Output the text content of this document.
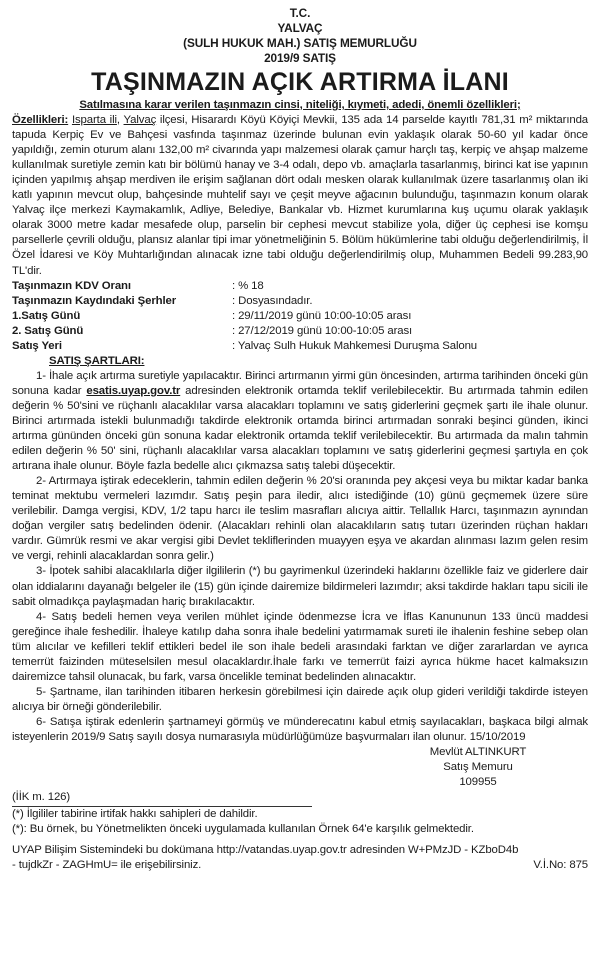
T.C.
YALVAÇ
(SULH HUKUK MAH.) SATIŞ MEMURLUĞU
2019/9 SATIŞ
TAŞINMAZIN AÇIK ARTIRMA İLANI
Satılmasına karar verilen taşınmazın cinsi, niteliği, kıymeti, adedi, önemli özellikleri;

Özellikleri: Isparta ili, Yalvaç ilçesi, Hisarardı Köyü Köyiçi Mevkii, 135 ada 14 parselde kayıtlı 781,31 m² miktarında tapuda Kerpiç Ev ve Bahçesi vasfında taşınmaz üzerinde bulunan evin yaklaşık olarak 50-60 yıl kadar önce yapıldığı, zemin oturum alanı 132,00 m² civarında yapı malzemesi olarak çamur harçlı taş, kerpiç ve ahşap malzeme kullanılmak suretiyle zemin katı bir bölümü hanay ve 3-4 odalı, depo vb. amaçlarla tasarlanmış, birinci kat ise yapının içinden yapılmış ahşap merdiven ile erişim sağlanan dört odalı mesken olarak kullanılmak üzere tasarlanmış olan iki katlı yapının mevcut olup, bahçesinde muhtelif sayı ve çeşit meyve ağacının bulunduğu, taşınmazın konum olarak Yalvaç ilçe merkezi Kaymakamlık, Adliye, Belediye, Bankalar vb. Hizmet kurumlarına kuş uçumu olarak yaklaşık olarak 3000 metre kadar mesafede olup, parselin bir cephesi mevcut stabilize yola, diğer üç cephesi ise komşu parsellerle çevrili olduğu, plansız alanlar tipi imar yönetmeliğinin 5. Bölüm hükümlerine tabi olduğu değerlendirilmiş, İl Özel İdaresi ve Köy Muhtarlığından alınacak izne tabi olduğu değerlendirilmiş olup, Muhammen Bedeli 99.283,90 TL'dir.

Taşınmazın KDV Oranı	: % 18
Taşınmazın Kaydındaki Şerhler	: Dosyasındadır.
1.Satış Günü	: 29/11/2019 günü 10:00-10:05 arası
2. Satış Günü	: 27/12/2019 günü 10:00-10:05 arası
Satış Yeri	: Yalvaç Sulh Hukuk Mahkemesi Duruşma Salonu
SATIŞ ŞARTLARI:

1- İhale açık artırma suretiyle yapılacaktır. Birinci artırmanın yirmi gün öncesinden, artırma tarihinden önceki gün sonuna kadar esatis.uyap.gov.tr adresinden elektronik ortamda teklif verilebilecektir. Bu artırmada tahmin edilen değerin % 50'sini ve rüçhanlı alacaklılar varsa alacakları toplamını ve satış giderlerini geçmek şartı ile ihale olunur. Birinci artırmada istekli bulunmadığı takdirde elektronik ortamda birinci artırmadan sonraki beşinci günden, ikinci artırma gününden önceki gün sonuna kadar elektronik ortamda teklif verilebilecektir. Bu artırmada da malın tahmin edilen değerin % 50' sini, rüçhanlı alacaklılar varsa alacakları toplamını ve satış giderlerini geçmesi şartıyla en çok artırana ihale olunur. Böyle fazla bedelle alıcı çıkmazsa satış talebi düşecektir.

2- Artırmaya iştirak edeceklerin, tahmin edilen değerin % 20'si oranında pey akçesi veya bu miktar kadar banka teminat mektubu vermeleri lazımdır. Satış peşin para iledir, alıcı istediğinde (10) günü geçmemek üzere süre verilebilir. Damga vergisi, KDV, 1/2 tapu harcı ile teslim masrafları alıcıya aittir. Tellallık Harcı, taşınmazın aynından doğan vergiler satış bedelinden ödenir. (Alacakları rehinli olan alacaklıların satış tutarı üzerinden rüçhan hakları vardır. Gümrük resmi ve akar vergisi gibi Devlet tekliflerinden muayyen eşya ve akardan alınması lazım gelen resim ve vergi, rehinli alacaklardan sonra gelir.)

3- İpotek sahibi alacaklılarla diğer ilgililerin (*) bu gayrimenkul üzerindeki haklarını özellikle faiz ve giderlere dair olan iddialarını dayanağı belgeler ile (15) gün içinde dairemize bildirmeleri lazımdır; aksi takdirde hakları tapu sicili ile sabit olmadıkça paylaşmadan hariç bırakılacaktır.

4- Satış bedeli hemen veya verilen mühlet içinde ödenmezse İcra ve İflas Kanununun 133 üncü maddesi gereğince ihale feshedilir. İhaleye katılıp daha sonra ihale bedelini yatırmamak sureti ile ihalenin feshine sebep olan tüm alıcılar ve kefilleri teklif ettikleri bedel ile son ihale bedeli arasındaki farktan ve diğer zararlardan ve ayrıca temerrüt faizinden müteselsilen mesul olacaklardır.İhale farkı ve temerrüt faizi ayrıca hükme hacet kalmaksızın dairemizce tahsil olunacak, bu fark, varsa öncelikle teminat bedelinden alınacaktır.

5- Şartname, ilan tarihinden itibaren herkesin görebilmesi için dairede açık olup gideri verildiği takdirde isteyen alıcıya bir örneği gönderilebilir.

6- Satışa iştirak edenlerin şartnameyi görmüş ve münderecatını kabul etmiş sayılacakları, başkaca bilgi almak isteyenlerin 2019/9 Satış sayılı dosya numarasıyla müdürlüğümüze başvurmaları ilan olunur. 15/10/2019

Mevlüt ALTINKURT
Satış Memuru
109955
(İİK m. 126)
(*) İlgililer tabirine irtifak hakkı sahipleri de dahildir.
(*): Bu örnek, bu Yönetmelikten önceki uygulamada kullanılan Örnek 64'e karşılık gelmektedir.
UYAP Bilişim Sistemindeki bu dokümana http://vatandas.uyap.gov.tr adresinden W+PMzJD - KZboD4b
- tujdkZr - ZAGHmU= ile erişebilirsiniz.	V.İ.No: 875
